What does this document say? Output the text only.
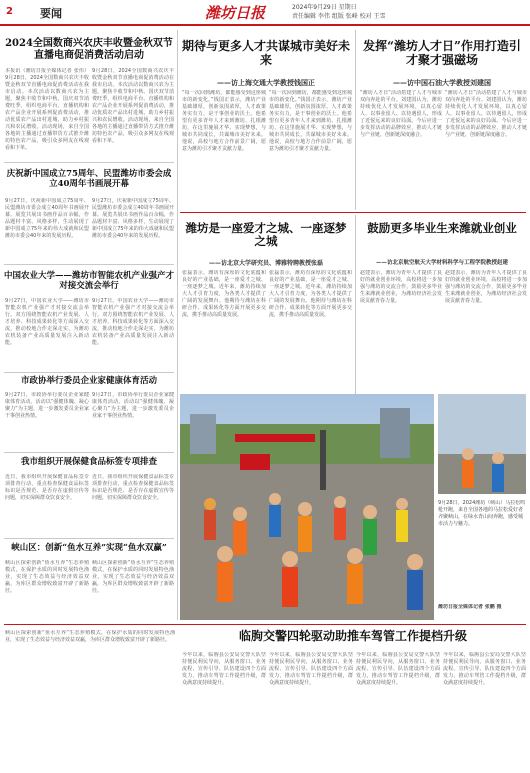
2 要闻	潍坊日报	2024年9月29日 星期日
责任编辑 李伟 组版 张峰 校对 王雪
2024全国数商兴农庆丰收暨金秋双节直播电商促消费活动启动
本报讯（潍坊日报全媒体记者 张伟）9月28日，2024全国数商兴农庆丰收暨金秋双节直播电商促消费活动在我市启动。本次活动以数商兴农为主题，聚焦丰收节和中秋、国庆双节消费旺季，组织电商平台、直播机构和农产品企业开展系列促消费活动，推动优质农产品出村进城，助力乡村振兴和农民增收。活动现场，来自全国各地的主播通过直播带货方式推介潍坊特色农产品，吸引众多网友在线观看和下单。
9月28日，2024全国数商兴农庆丰收暨金秋双节直播电商促消费活动在我市启动。本次活动以数商兴农为主题，聚焦丰收节和中秋、国庆双节消费旺季，组织电商平台、直播机构和农产品企业开展系列促消费活动，推动优质农产品出村进城，助力乡村振兴和农民增收。活动现场，来自全国各地的主播通过直播带货方式推介潍坊特色农产品，吸引众多网友在线观看和下单。
庆祝新中国成立75周年、民盟潍坊市委会成立40周年书画展开幕
9月27日，庆祝新中国成立75周年、民盟潍坊市委会成立40周年书画展开幕。展览共展出书画作品百余幅，作品题材丰富、风格多样，生动展现了新中国成立75年来的伟大成就和民盟潍坊市委会40年来的发展历程。
9月27日，庆祝新中国成立75周年、民盟潍坊市委会成立40周年书画展开幕。展览共展出书画作品百余幅，作品题材丰富、风格多样，生动展现了新中国成立75年来的伟大成就和民盟潍坊市委会40年来的发展历程。
中国农业大学——潍坊市智能农机产业强产才对接交流会举行
9月27日，中国农业大学——潍坊市智能农机产业强产才对接交流会举行。双方围绕智能农机产业发展、人才培养、科技成果转化等方面深入交流，推动校地合作走深走实，为潍坊农机装备产业高质量发展注入新动能。
9月27日，中国农业大学——潍坊市智能农机产业强产才对接交流会举行。双方围绕智能农机产业发展、人才培养、科技成果转化等方面深入交流，推动校地合作走深走实，为潍坊农机装备产业高质量发展注入新动能。
市政协举行委员企业家健康体育活动
9月27日，市政协举行委员企业家健康体育活动。活动以“强健体魄、凝心聚力”为主题，进一步激发委员企业家干事创业热情。
9月27日，市政协举行委员企业家健康体育活动。活动以“强健体魄、凝心聚力”为主题，进一步激发委员企业家干事创业热情。
我市组织开展保健食品标签专项排查
近日，我市组织开展保健食品标签专项排查行动，重点检查保健食品标签标识是否规范、是否存在虚假宣传等问题，切实保障群众饮食安全。
近日，我市组织开展保健食品标签专项排查行动，重点检查保健食品标签标识是否规范、是否存在虚假宣传等问题，切实保障群众饮食安全。
期待与更多人才共谋城市美好未来
——访上海交通大学教授钱国正
“每一次回到潍坊，都能感受到这座城市的新变化。”钱国正表示，潍坊产业基础雄厚，创新氛围浓厚，人才政策务实有力，是干事创业的沃土。他希望有更多青年人才来到潍坊、扎根潍坊，在这里施展才华、实现梦想，与城市共同成长，共谋城市美好未来。他说，高校与地方合作前景广阔，愿意为潍坊引才聚才贡献力量。
“每一次回到潍坊，都能感受到这座城市的新变化。”钱国正表示，潍坊产业基础雄厚，创新氛围浓厚，人才政策务实有力，是干事创业的沃土。他希望有更多青年人才来到潍坊、扎根潍坊，在这里施展才华、实现梦想，与城市共同成长，共谋城市美好未来。他说，高校与地方合作前景广阔，愿意为潍坊引才聚才贡献力量。
发挥“潍坊人才日”作用打造引才聚才强磁场
——访中国石油大学教授刘建国
“潍坊人才日”活动搭建了人才与城市双向奔赴的平台。刘建国认为，潍坊持续优化人才发展环境，以真心留人、以事业留人、以待遇留人，形成了近悦远来的良好局面。今后应进一步发挥活动的品牌效应，推动人才链与产业链、创新链深度融合。
“潍坊人才日”活动搭建了人才与城市双向奔赴的平台。刘建国认为，潍坊持续优化人才发展环境，以真心留人、以事业留人、以待遇留人，形成了近悦远来的良好局面。今后应进一步发挥活动的品牌效应，推动人才链与产业链、创新链深度融合。
潍坊是一座爱才之城、一座逐梦之城
——访北京大学研究员、博雅特聘教授张磊
张磊表示，潍坊有深厚的文化底蕴和良好的产业基础，是一座爱才之城、一座逐梦之城。近年来，潍坊持续加大人才引育力度，为各类人才提供了广阔的发展舞台。他期待与潍坊在科研合作、成果转化等方面开展更多交流，携手推动高质量发展。
张磊表示，潍坊有深厚的文化底蕴和良好的产业基础，是一座爱才之城、一座逐梦之城。近年来，潍坊持续加大人才引育力度，为各类人才提供了广阔的发展舞台。他期待与潍坊在科研合作、成果转化等方面开展更多交流，携手推动高质量发展。
鼓励更多毕业生来潍就业创业
——访北京航空航天大学材料科学与工程学院教授赵建
赵建表示，潍坊为青年人才提供了良好的就业创业环境，高校将进一步加强与潍坊的交流合作，鼓励更多毕业生来潍就业创业，为潍坊经济社会发展贡献青春力量。
赵建表示，潍坊为青年人才提供了良好的就业创业环境，高校将进一步加强与潍坊的交流合作，鼓励更多毕业生来潍就业创业，为潍坊经济社会发展贡献青春力量。
9月28日，2024潍坊（峡山）马拉松鸣枪开跑，来自全国各地的马拉松爱好者齐聚峡山，在绿水青山间奔跑，感受城市活力与魅力。
潍坊日报全媒体记者 张鹏 摄
峡山区：创新“鱼水互养”实现“鱼水双赢”
峡山区探索创新“鱼水互养”生态养殖模式，在保护水质的同时发展特色渔业，实现了生态效益与经济效益双赢，为库区群众增收致富开辟了新路径。
峡山区探索创新“鱼水互养”生态养殖模式，在保护水质的同时发展特色渔业，实现了生态效益与经济效益双赢，为库区群众增收致富开辟了新路径。
峡山区探索创新“鱼水互养”生态养殖模式，在保护水质的同时发展特色渔业，实现了生态效益与经济效益双赢，为库区群众增收致富开辟了新路径。	临朐交警四轮驱动助推车驾管工作提档升级
今年以来，临朐县公安局交警大队坚持便民利民导向，从服务窗口、业务流程、宣传引导、队伍建设四个方面发力，推动车驾管工作提档升级，群众满意度持续提升。
今年以来，临朐县公安局交警大队坚持便民利民导向，从服务窗口、业务流程、宣传引导、队伍建设四个方面发力，推动车驾管工作提档升级，群众满意度持续提升。
今年以来，临朐县公安局交警大队坚持便民利民导向，从服务窗口、业务流程、宣传引导、队伍建设四个方面发力，推动车驾管工作提档升级，群众满意度持续提升。
今年以来，临朐县公安局交警大队坚持便民利民导向，从服务窗口、业务流程、宣传引导、队伍建设四个方面发力，推动车驾管工作提档升级，群众满意度持续提升。
